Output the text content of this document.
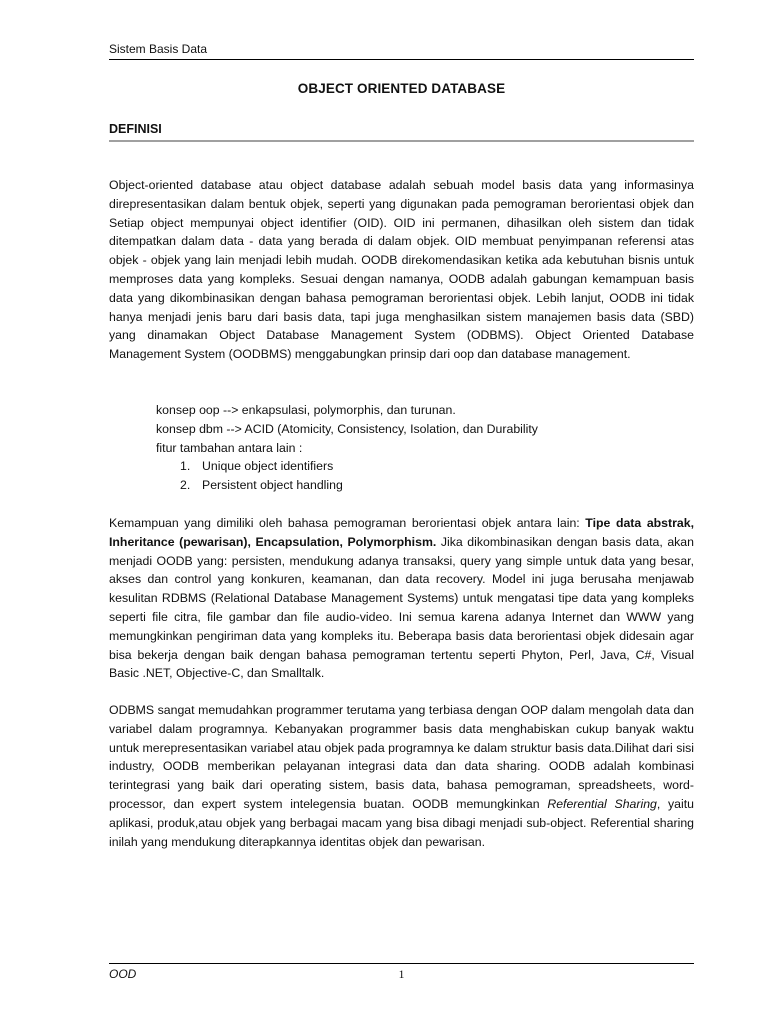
Sistem Basis Data
OBJECT ORIENTED DATABASE
DEFINISI

Object-oriented database atau object database adalah sebuah model basis data yang informasinya direpresentasikan dalam bentuk objek, seperti yang digunakan pada pemograman berorientasi objek dan Setiap object mempunyai object identifier (OID). OID ini permanen, dihasilkan oleh sistem dan tidak ditempatkan dalam data - data yang berada di dalam objek. OID membuat penyimpanan referensi atas objek - objek yang lain menjadi lebih mudah. OODB direkomendasikan ketika ada kebutuhan bisnis untuk memproses data yang kompleks. Sesuai dengan namanya, OODB adalah gabungan kemampuan basis data yang dikombinasikan dengan bahasa pemograman berorientasi objek. Lebih lanjut, OODB ini tidak hanya menjadi jenis baru dari basis data, tapi juga menghasilkan sistem manajemen basis data (SBD) yang dinamakan Object Database Management System (ODBMS). Object Oriented Database Management System (OODBMS) menggabungkan prinsip dari oop dan database management.

konsep oop --> enkapsulasi, polymorphis, dan turunan.
konsep dbm --> ACID (Atomicity, Consistency, Isolation, dan Durability
fitur tambahan antara lain :
1. Unique object identifiers
2. Persistent object handling

Kemampuan yang dimiliki oleh bahasa pemograman berorientasi objek antara lain: Tipe data abstrak, Inheritance (pewarisan), Encapsulation, Polymorphism. Jika dikombinasikan dengan basis data, akan menjadi OODB yang: persisten, mendukung adanya transaksi, query yang simple untuk data yang besar, akses dan control yang konkuren, keamanan, dan data recovery. Model ini juga berusaha menjawab kesulitan RDBMS (Relational Database Management Systems) untuk mengatasi tipe data yang kompleks seperti file citra, file gambar dan file audio-video. Ini semua karena adanya Internet dan WWW yang memungkinkan pengiriman data yang kompleks itu. Beberapa basis data berorientasi objek didesain agar bisa bekerja dengan baik dengan bahasa pemograman tertentu seperti Phyton, Perl, Java, C#, Visual Basic .NET, Objective-C, dan Smalltalk.

ODBMS sangat memudahkan programmer terutama yang terbiasa dengan OOP dalam mengolah data dan variabel dalam programnya. Kebanyakan programmer basis data menghabiskan cukup banyak waktu untuk merepresentasikan variabel atau objek pada programnya ke dalam struktur basis data.Dilihat dari sisi industry, OODB memberikan pelayanan integrasi data dan data sharing. OODB adalah kombinasi terintegrasi yang baik dari operating sistem, basis data, bahasa pemograman, spreadsheets, word-processor, dan expert system intelegensia buatan. OODB memungkinkan Referential Sharing, yaitu aplikasi, produk,atau objek yang berbagai macam yang bisa dibagi menjadi sub-object. Referential sharing inilah yang mendukung diterapkannya identitas objek dan pewarisan.

OOD	1
